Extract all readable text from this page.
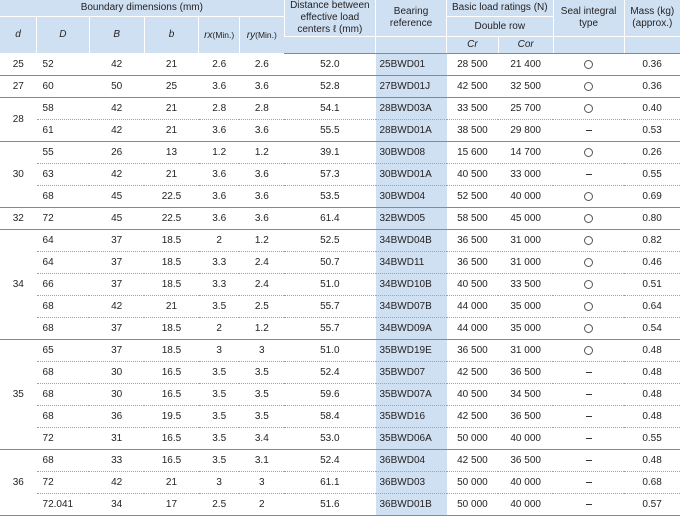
Boundary dimensions (mm)						Distance between effective load centers ℓ (mm)	Bearing reference	Basic load ratings (N)		Seal integral type	Mass (kg) (approx.)
d	D	B	b	rx(Min.)	ry(Min.)			Double row			
								Cr	Cor		
25	52	42	21	2.6	2.6	52.0	25BWD01	28 500	21 400		0.36
27	60	50	25	3.6	3.6	52.8	27BWD01J	42 500	32 500		0.36
28	58	42	21	2.8	2.8	54.1	28BWD03A	33 500	25 700		0.40
	61	42	21	3.6	3.6	55.5	28BWD01A	38 500	29 800		0.53
30	55	26	13	1.2	1.2	39.1	30BWD08	15 600	14 700		0.26
	63	42	21	3.6	3.6	57.3	30BWD01A	40 500	33 000		0.55
	68	45	22.5	3.6	3.6	53.5	30BWD04	52 500	40 000		0.69
32	72	45	22.5	3.6	3.6	61.4	32BWD05	58 500	45 000		0.80
34	64	37	18.5	2	1.2	52.5	34BWD04B	36 500	31 000		0.82
	64	37	18.5	3.3	2.4	50.7	34BWD11	36 500	31 000		0.46
	66	37	18.5	3.3	2.4	51.0	34BWD10B	40 500	33 500		0.51
	68	42	21	3.5	2.5	55.7	34BWD07B	44 000	35 000		0.64
	68	37	18.5	2	1.2	55.7	34BWD09A	44 000	35 000		0.54
35	65	37	18.5	3	3	51.0	35BWD19E	36 500	31 000		0.48
	68	30	16.5	3.5	3.5	52.4	35BWD07	42 500	36 500		0.48
	68	30	16.5	3.5	3.5	59.6	35BWD07A	40 500	34 500		0.48
	68	36	19.5	3.5	3.5	58.4	35BWD16	42 500	36 500		0.48
	72	31	16.5	3.5	3.4	53.0	35BWD06A	50 000	40 000		0.55
36	68	33	16.5	3.5	3.1	52.4	36BWD04	42 500	36 500		0.48
	72	42	21	3	3	61.1	36BWD03	50 000	40 000		0.68
	72.041	34	17	2.5	2	51.6	36BWD01B	50 000	40 000		0.57
